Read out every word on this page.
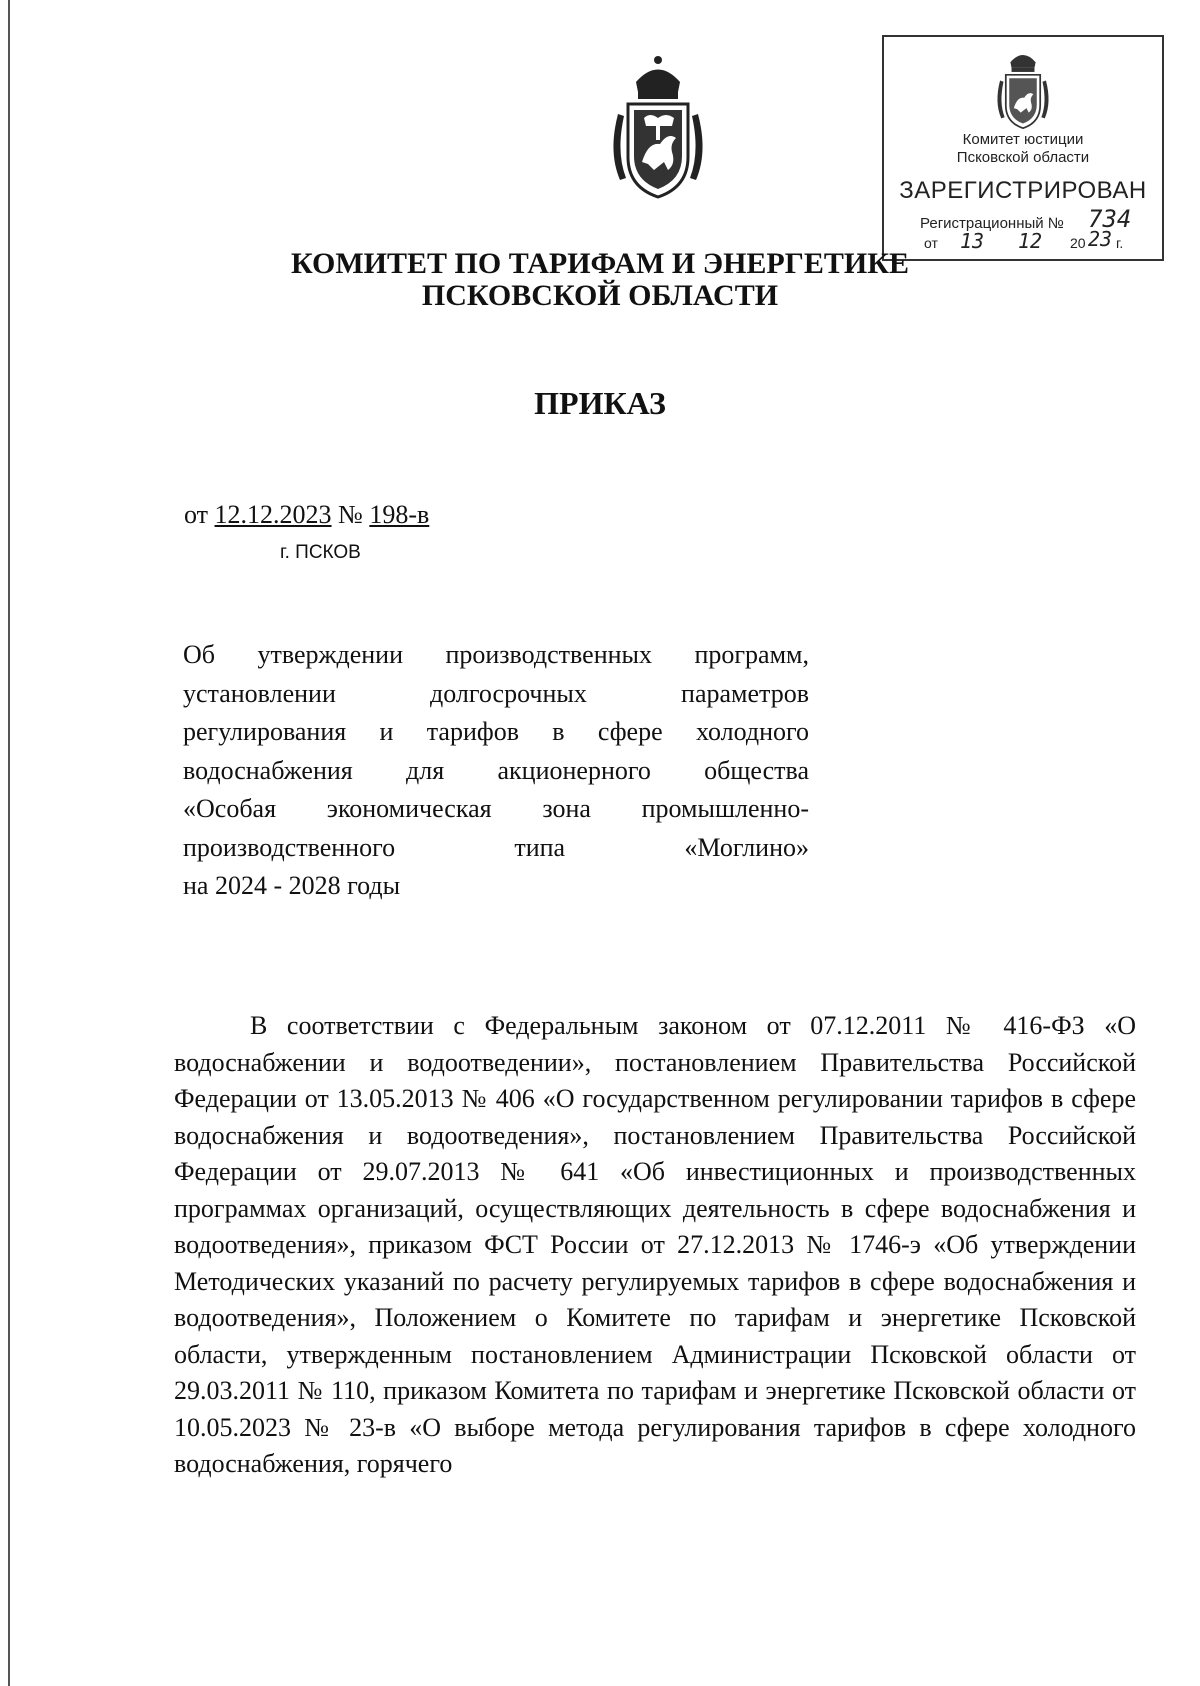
Комитет юстиции
Псковской области
ЗАРЕГИСТРИРОВАН
Регистрационный № 734
от 13 12 20 23 г.
КОМИТЕТ ПО ТАРИФАМ И ЭНЕРГЕТИКЕ
ПСКОВСКОЙ ОБЛАСТИ
ПРИКАЗ
от 12.12.2023 № 198-в
г. ПСКОВ
Об утверждении производственных программ,
установлении долгосрочных параметров
регулирования и тарифов в сфере холодного
водоснабжения для акционерного общества
«Особая экономическая зона промышленно-
производственного типа «Моглино»
на 2024 - 2028 годы
В соответствии с Федеральным законом от 07.12.2011 № 416-ФЗ «О водоснабжении и водоотведении», постановлением Правительства Российской Федерации от 13.05.2013 № 406 «О государственном регулировании тарифов в сфере водоснабжения и водоотведения», постановлением Правительства Российской Федерации от 29.07.2013 № 641 «Об инвестиционных и производственных программах организаций, осуществляющих деятельность в сфере водоснабжения и водоотведения», приказом ФСТ России от 27.12.2013 № 1746-э «Об утверждении Методических указаний по расчету регулируемых тарифов в сфере водоснабжения и водоотведения», Положением о Комитете по тарифам и энергетике Псковской области, утвержденным постановлением Администрации Псковской области от 29.03.2011 № 110, приказом Комитета по тарифам и энергетике Псковской области от 10.05.2023 № 23-в «О выборе метода регулирования тарифов в сфере холодного водоснабжения, горячего
